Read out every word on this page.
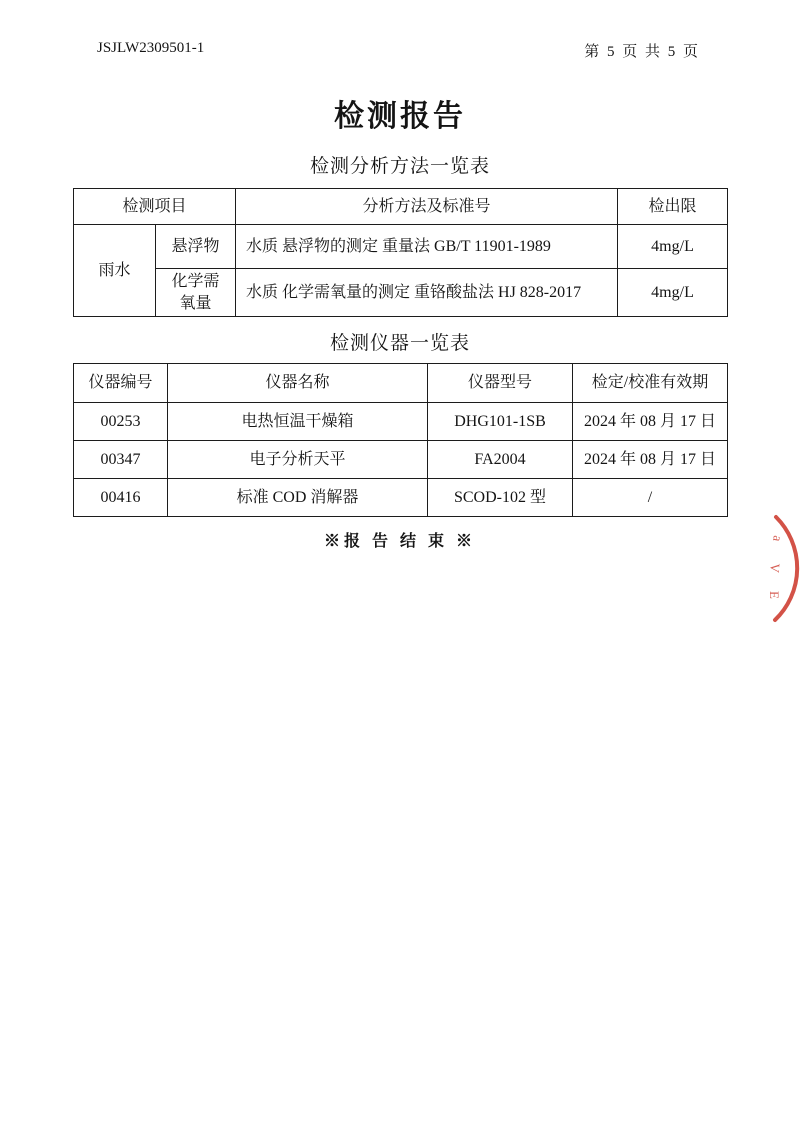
JSJLW2309501-1	第 5 页 共 5 页
检测报告
检测分析方法一览表
检测项目		分析方法及标准号	检出限
雨水	悬浮物	水质 悬浮物的测定 重量法 GB/T 11901-1989	4mg/L
	化学需氧量	水质 化学需氧量的测定 重铬酸盐法 HJ 828-2017	4mg/L
检测仪器一览表
仪器编号	仪器名称	仪器型号	检定/校准有效期
00253	电热恒温干燥箱	DHG101-1SB	2024 年 08 月 17 日
00347	电子分析天平	FA2004	2024 年 08 月 17 日
00416	标准 COD 消解器	SCOD-102 型	/
※报 告 结 束 ※	a
V
E
